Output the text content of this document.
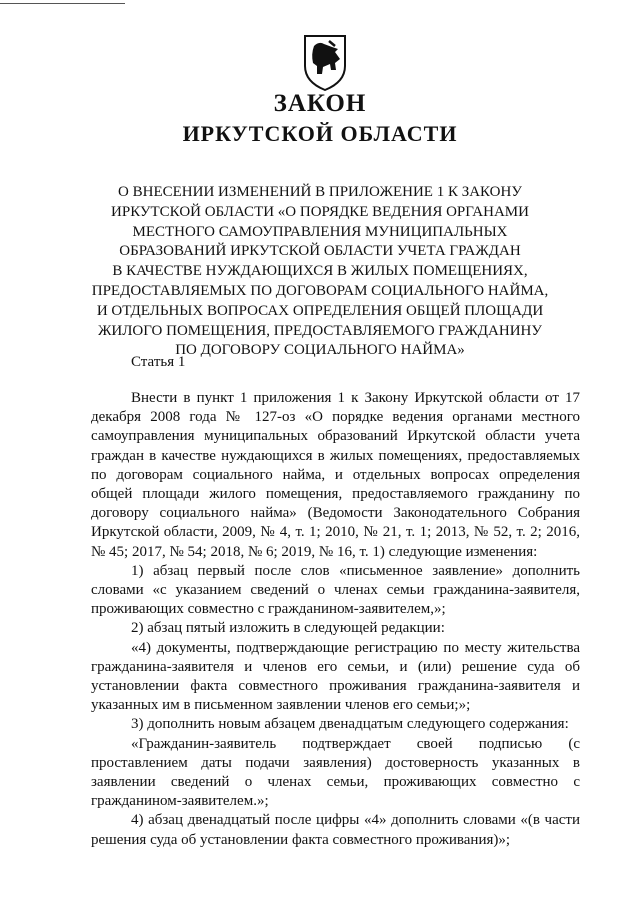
ЗАКОН
ИРКУТСКОЙ ОБЛАСТИ
О ВНЕСЕНИИ ИЗМЕНЕНИЙ В ПРИЛОЖЕНИЕ 1 К ЗАКОНУ
ИРКУТСКОЙ ОБЛАСТИ «О ПОРЯДКЕ ВЕДЕНИЯ ОРГАНАМИ
МЕСТНОГО САМОУПРАВЛЕНИЯ МУНИЦИПАЛЬНЫХ
ОБРАЗОВАНИЙ ИРКУТСКОЙ ОБЛАСТИ УЧЕТА ГРАЖДАН
В КАЧЕСТВЕ НУЖДАЮЩИХСЯ В ЖИЛЫХ ПОМЕЩЕНИЯХ,
ПРЕДОСТАВЛЯЕМЫХ ПО ДОГОВОРАМ СОЦИАЛЬНОГО НАЙМА,
И ОТДЕЛЬНЫХ ВОПРОСАХ ОПРЕДЕЛЕНИЯ ОБЩЕЙ ПЛОЩАДИ
ЖИЛОГО ПОМЕЩЕНИЯ, ПРЕДОСТАВЛЯЕМОГО ГРАЖДАНИНУ
ПО ДОГОВОРУ СОЦИАЛЬНОГО НАЙМА»
Статья 1

Внести в пункт 1 приложения 1 к Закону Иркутской области от 17 декабря 2008 года № 127-оз «О порядке ведения органами местного самоуправления муниципальных образований Иркутской области учета граждан в качестве нуждающихся в жилых помещениях, предоставляемых по договорам социального найма, и отдельных вопросах определения общей площади жилого помещения, предоставляемого гражданину по договору социального найма» (Ведомости Законодательного Собрания Иркутской области, 2009, № 4, т. 1; 2010, № 21, т. 1; 2013, № 52, т. 2; 2016, № 45; 2017, № 54; 2018, № 6; 2019, № 16, т. 1) следующие изменения:

1) абзац первый после слов «письменное заявление» дополнить словами «с указанием сведений о членах семьи гражданина-заявителя, проживающих совместно с гражданином-заявителем,»;

2) абзац пятый изложить в следующей редакции:

«4) документы, подтверждающие регистрацию по месту жительства гражданина-заявителя и членов его семьи, и (или) решение суда об установлении факта совместного проживания гражданина-заявителя и указанных им в письменном заявлении членов его семьи;»;

3) дополнить новым абзацем двенадцатым следующего содержания:

«Гражданин-заявитель подтверждает своей подписью (с проставлением даты подачи заявления) достоверность указанных в заявлении сведений о членах семьи, проживающих совместно с гражданином-заявителем.»;

4) абзац двенадцатый после цифры «4» дополнить словами «(в части решения суда об установлении факта совместного проживания)»;
